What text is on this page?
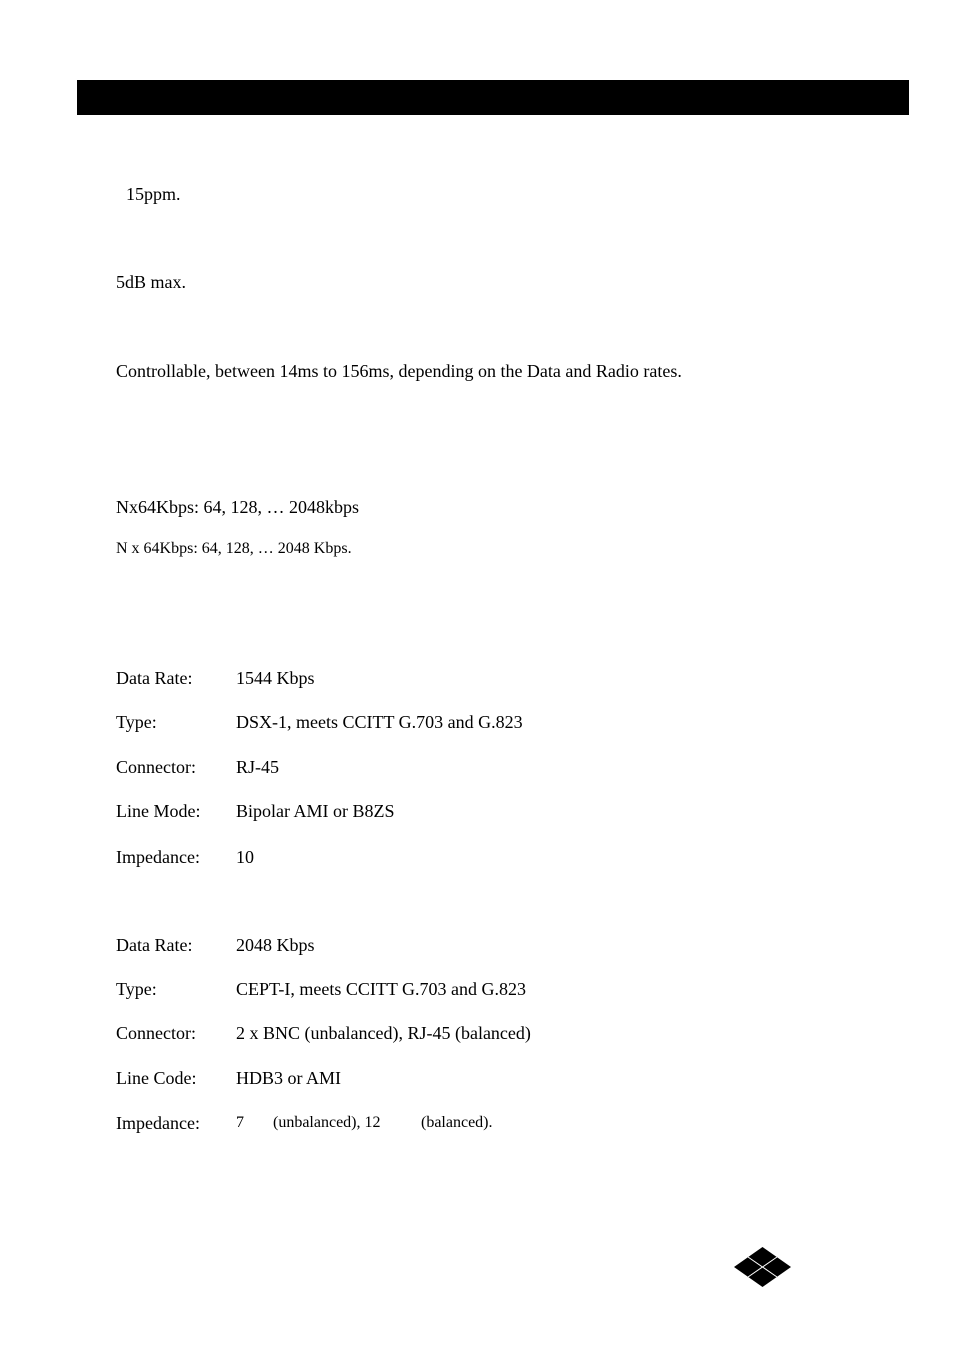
15ppm.
5dB max.
Controllable, between 14ms to 156ms, depending on the Data and Radio rates.
Nx64Kbps: 64, 128, … 2048kbps
N x 64Kbps: 64, 128, … 2048 Kbps.
Data Rate: 1544 Kbps
Type:	DSX-1, meets CCITT G.703 and G.823
Connector: RJ-45
Line Mode: Bipolar AMI or B8ZS
Impedance: 10
Data Rate: 2048 Kbps
Type:	CEPT-I, meets CCITT G.703 and G.823
Connector: 2 x BNC (unbalanced), RJ-45 (balanced)
Line Code: HDB3 or AMI
Impedance: 7 (unbalanced), 12	(balanced).
